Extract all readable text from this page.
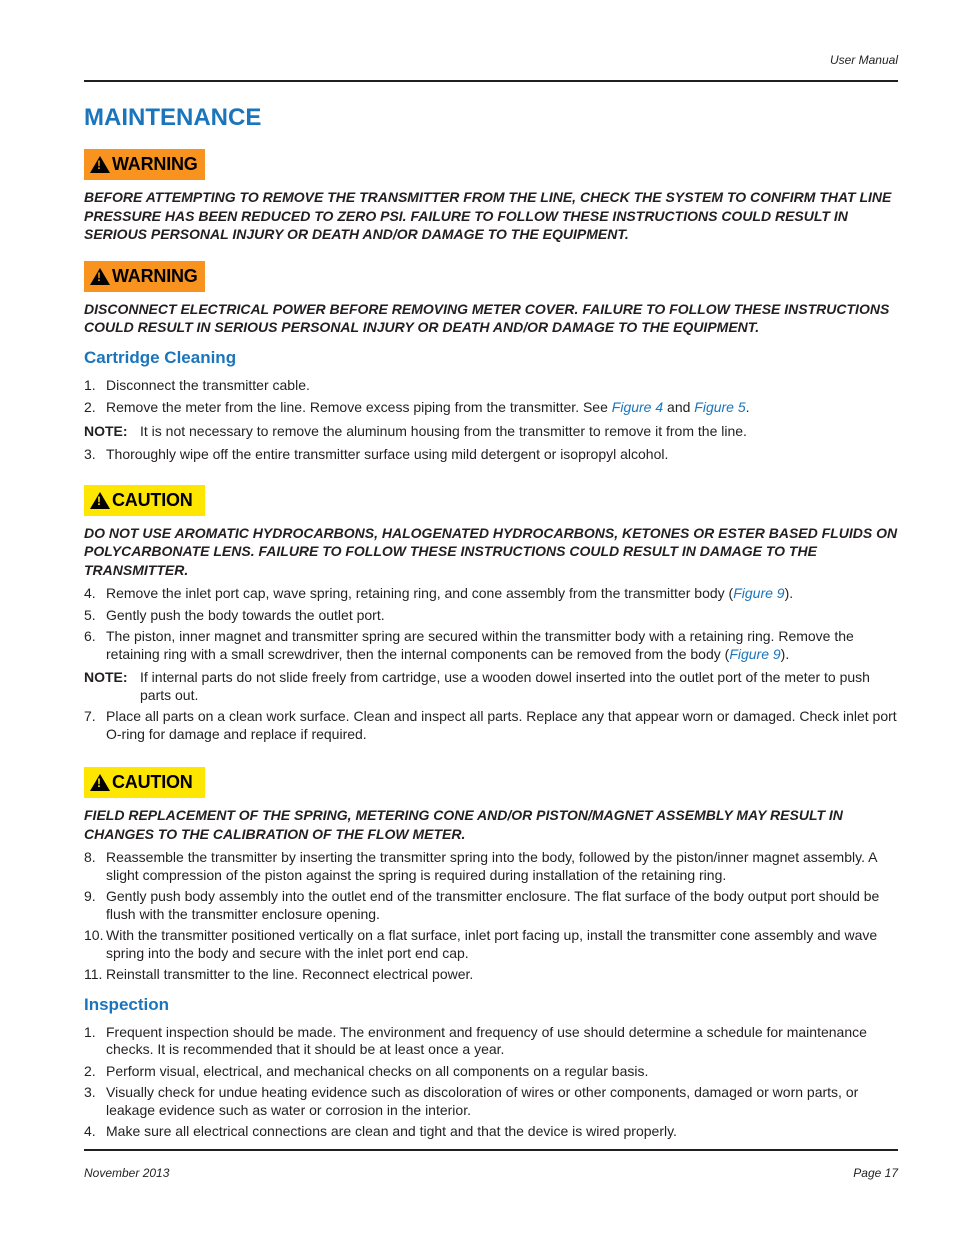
User Manual
MAINTENANCE
!
WARNING

BEFORE ATTEMPTING TO REMOVE THE TRANSMITTER FROM THE LINE, CHECK THE SYSTEM TO CONFIRM THAT LINE PRESSURE HAS BEEN REDUCED TO ZERO PSI. FAILURE TO FOLLOW THESE INSTRUCTIONS COULD RESULT IN SERIOUS PERSONAL INJURY OR DEATH AND/OR DAMAGE TO THE EQUIPMENT.

!
WARNING

DISCONNECT ELECTRICAL POWER BEFORE REMOVING METER COVER. FAILURE TO FOLLOW THESE INSTRUCTIONS COULD RESULT IN SERIOUS PERSONAL INJURY OR DEATH AND/OR DAMAGE TO THE EQUIPMENT.

Cartridge Cleaning
1. Disconnect the transmitter cable.
2. Remove the meter from the line. Remove excess piping from the transmitter. See Figure 4 and Figure 5.
NOTE: It is not necessary to remove the aluminum housing from the transmitter to remove it from the line.
3. Thoroughly wipe off the entire transmitter surface using mild detergent or isopropyl alcohol.
!
CAUTION

DO NOT USE AROMATIC HYDROCARBONS, HALOGENATED HYDROCARBONS, KETONES OR ESTER BASED FLUIDS ON POLYCARBONATE LENS. FAILURE TO FOLLOW THESE INSTRUCTIONS COULD RESULT IN DAMAGE TO THE TRANSMITTER.

4. Remove the inlet port cap, wave spring, retaining ring, and cone assembly from the transmitter body (Figure 9).
5. Gently push the body towards the outlet port.
6. The piston, inner magnet and transmitter spring are secured within the transmitter body with a retaining ring. Remove the retaining ring with a small screwdriver, then the internal components can be removed from the body (Figure 9).
NOTE: If internal parts do not slide freely from cartridge, use a wooden dowel inserted into the outlet port of the meter to push parts out.
7. Place all parts on a clean work surface. Clean and inspect all parts. Replace any that appear worn or damaged. Check inlet port O-ring for damage and replace if required.
!
CAUTION

FIELD REPLACEMENT OF THE SPRING, METERING CONE AND/OR PISTON/MAGNET ASSEMBLY MAY RESULT IN CHANGES TO THE CALIBRATION OF THE FLOW METER.

8. Reassemble the transmitter by inserting the transmitter spring into the body, followed by the piston/inner magnet assembly. A slight compression of the piston against the spring is required during installation of the retaining ring.
9. Gently push body assembly into the outlet end of the transmitter enclosure. The flat surface of the body output port should be flush with the transmitter enclosure opening.
10. With the transmitter positioned vertically on a flat surface, inlet port facing up, install the transmitter cone assembly and wave spring into the body and secure with the inlet port end cap.
11. Reinstall transmitter to the line. Reconnect electrical power.
Inspection
1. Frequent inspection should be made. The environment and frequency of use should determine a schedule for maintenance checks. It is recommended that it should be at least once a year.
2. Perform visual, electrical, and mechanical checks on all components on a regular basis.
3. Visually check for undue heating evidence such as discoloration of wires or other components, damaged or worn parts, or leakage evidence such as water or corrosion in the interior.
4. Make sure all electrical connections are clean and tight and that the device is wired properly.
November 2013	Page 17
